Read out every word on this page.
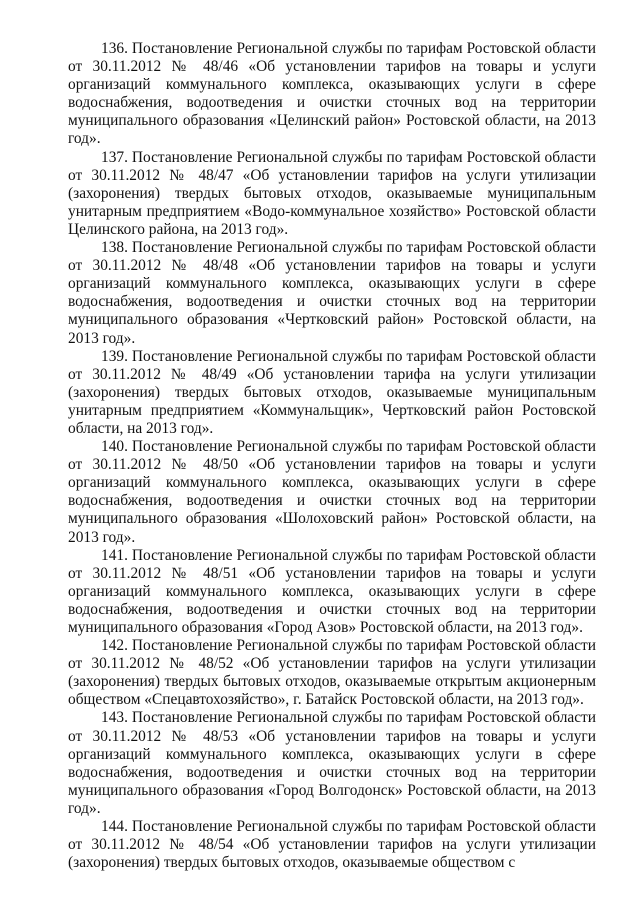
136. Постановление Региональной службы по тарифам Ростовской области от 30.11.2012 № 48/46 «Об установлении тарифов на товары и услуги организаций коммунального комплекса, оказывающих услуги в сфере водоснабжения, водоотведения и очистки сточных вод на территории муниципального образования «Целинский район» Ростовской области, на 2013 год».

137. Постановление Региональной службы по тарифам Ростовской области от 30.11.2012 № 48/47 «Об установлении тарифов на услуги утилизации (захоронения) твердых бытовых отходов, оказываемые муниципальным унитарным предприятием «Водо-коммунальное хозяйство» Ростовской области Целинского района, на 2013 год».

138. Постановление Региональной службы по тарифам Ростовской области от 30.11.2012 № 48/48 «Об установлении тарифов на товары и услуги организаций коммунального комплекса, оказывающих услуги в сфере водоснабжения, водоотведения и очистки сточных вод на территории муниципального образования «Чертковский район» Ростовской области, на 2013 год».

139. Постановление Региональной службы по тарифам Ростовской области от 30.11.2012 № 48/49 «Об установлении тарифа на услуги утилизации (захоронения) твердых бытовых отходов, оказываемые муниципальным унитарным предприятием «Коммунальщик», Чертковский район Ростовской области, на 2013 год».

140. Постановление Региональной службы по тарифам Ростовской области от 30.11.2012 № 48/50 «Об установлении тарифов на товары и услуги организаций коммунального комплекса, оказывающих услуги в сфере водоснабжения, водоотведения и очистки сточных вод на территории муниципального образования «Шолоховский район» Ростовской области, на 2013 год».

141. Постановление Региональной службы по тарифам Ростовской области от 30.11.2012 № 48/51 «Об установлении тарифов на товары и услуги организаций коммунального комплекса, оказывающих услуги в сфере водоснабжения, водоотведения и очистки сточных вод на территории муниципального образования «Город Азов» Ростовской области, на 2013 год».

142. Постановление Региональной службы по тарифам Ростовской области от 30.11.2012 № 48/52 «Об установлении тарифов на услуги утилизации (захоронения) твердых бытовых отходов, оказываемые открытым акционерным обществом «Спецавтохозяйство», г. Батайск Ростовской области, на 2013 год».

143. Постановление Региональной службы по тарифам Ростовской области от 30.11.2012 № 48/53 «Об установлении тарифов на товары и услуги организаций коммунального комплекса, оказывающих услуги в сфере водоснабжения, водоотведения и очистки сточных вод на территории муниципального образования «Город Волгодонск» Ростовской области, на 2013 год».

144. Постановление Региональной службы по тарифам Ростовской области от 30.11.2012 № 48/54 «Об установлении тарифов на услуги утилизации (захоронения) твердых бытовых отходов, оказываемые обществом с
